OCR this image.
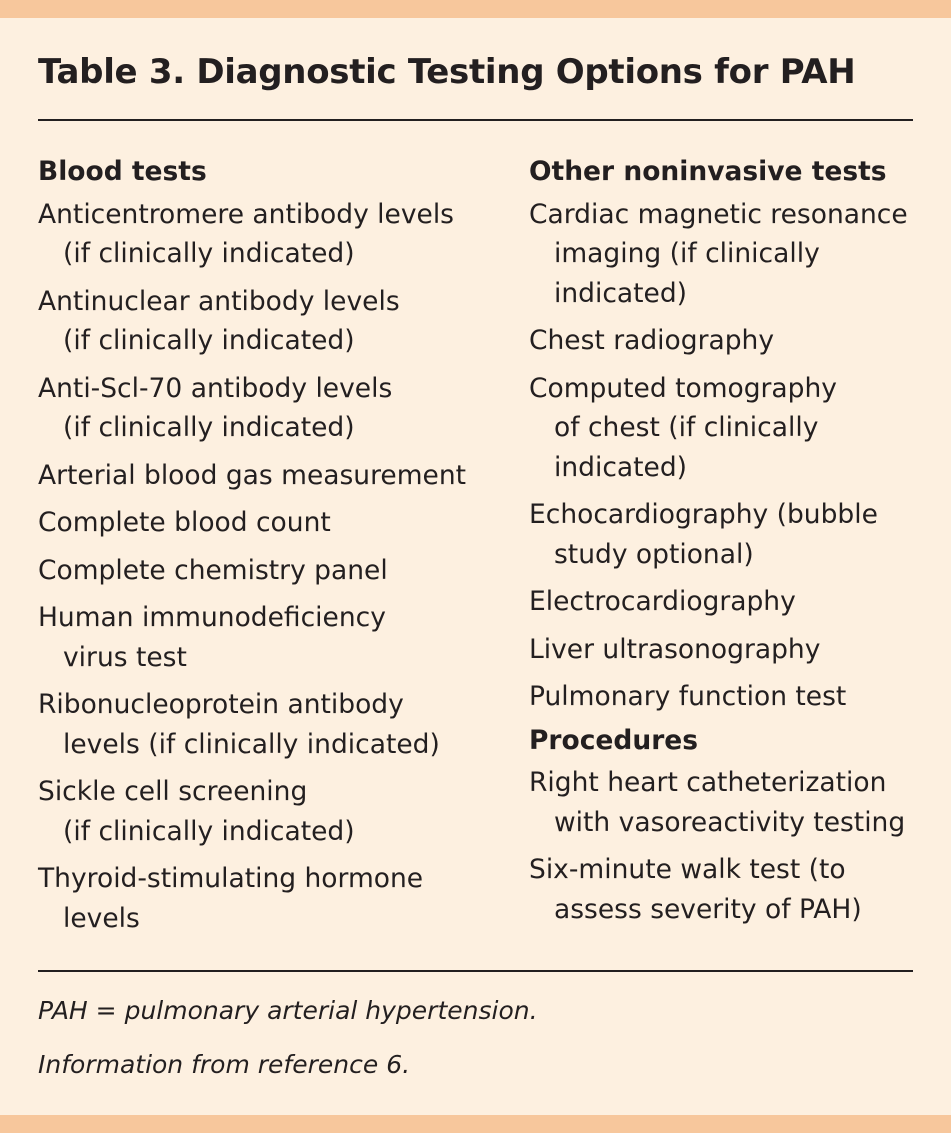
Table 3. Diagnostic Testing Options for PAH
Blood tests
Anticentromere antibody levels
(if clinically indicated)
Antinuclear antibody levels
(if clinically indicated)
Anti-Scl-70 antibody levels
(if clinically indicated)
Arterial blood gas measurement
Complete blood count
Complete chemistry panel
Human immunodeficiency
virus test
Ribonucleoprotein antibody
levels (if clinically indicated)
Sickle cell screening
(if clinically indicated)
Thyroid-stimulating hormone
levels
Other noninvasive tests
Cardiac magnetic resonance
imaging (if clinically
indicated)
Chest radiography
Computed tomography
of chest (if clinically
indicated)
Echocardiography (bubble
study optional)
Electrocardiography
Liver ultrasonography
Pulmonary function test
Procedures
Right heart catheterization
with vasoreactivity testing
Six-minute walk test (to
assess severity of PAH)
PAH = pulmonary arterial hypertension.
Information from reference 6.
